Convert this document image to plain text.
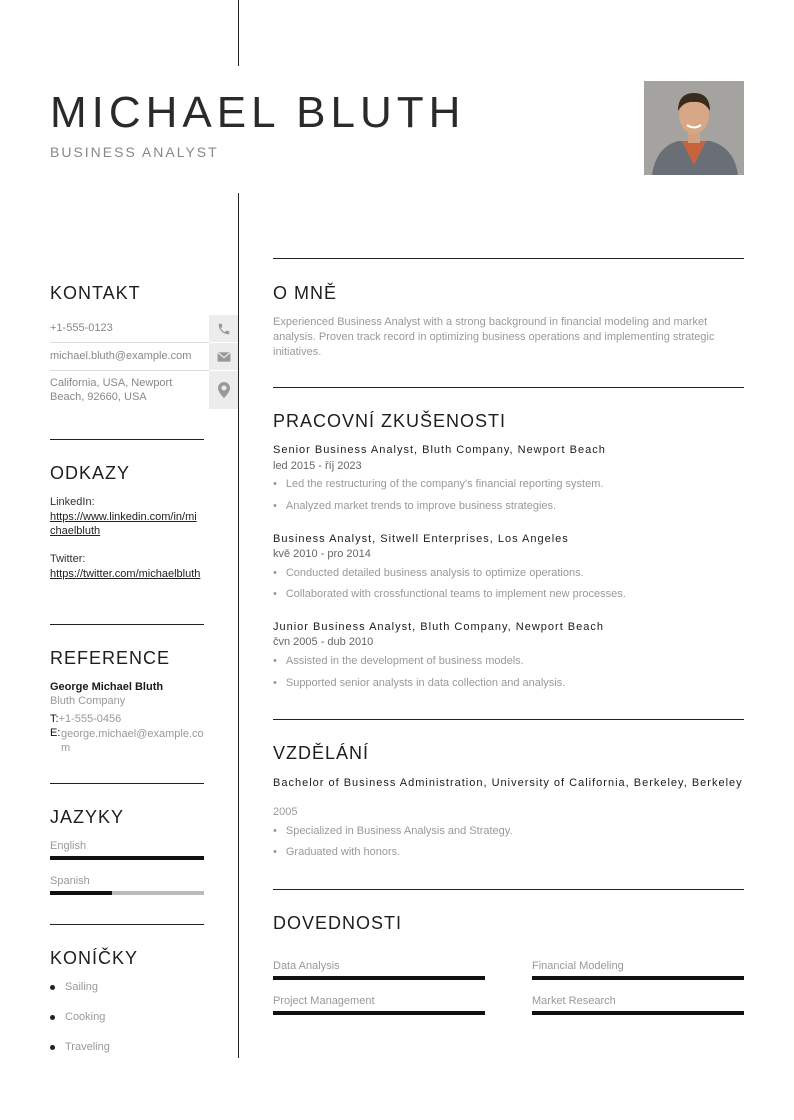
MICHAEL BLUTH
BUSINESS ANALYST
KONTAKT
+1-555-0123
michael.bluth@example.com
California, USA, Newport Beach, 92660, USA
ODKAZY
LinkedIn:
https://www.linkedin.com/in/michaelbluth
Twitter:
https://twitter.com/michaelbluth
REFERENCE
George Michael Bluth
Bluth Company
T:+1-555-0456
E: george.michael@example.com
JAZYKY
English
Spanish
KONÍČKY
Sailing
Cooking
Traveling
O MNĚ
Experienced Business Analyst with a strong background in financial modeling and market analysis. Proven track record in optimizing business operations and implementing strategic initiatives.
PRACOVNÍ ZKUŠENOSTI
Senior Business Analyst, Bluth Company, Newport Beach
led 2015 - říj 2023
• Led the restructuring of the company's financial reporting system.
• Analyzed market trends to improve business strategies.
Business Analyst, Sitwell Enterprises, Los Angeles
kvě 2010 - pro 2014
• Conducted detailed business analysis to optimize operations.
• Collaborated with crossfunctional teams to implement new processes.
Junior Business Analyst, Bluth Company, Newport Beach
čvn 2005 - dub 2010
• Assisted in the development of business models.
• Supported senior analysts in data collection and analysis.
VZDĚLÁNÍ
Bachelor of Business Administration, University of California, Berkeley, Berkeley
2005
• Specialized in Business Analysis and Strategy.
• Graduated with honors.
DOVEDNOSTI
Data Analysis	Financial Modeling
Project Management	Market Research
